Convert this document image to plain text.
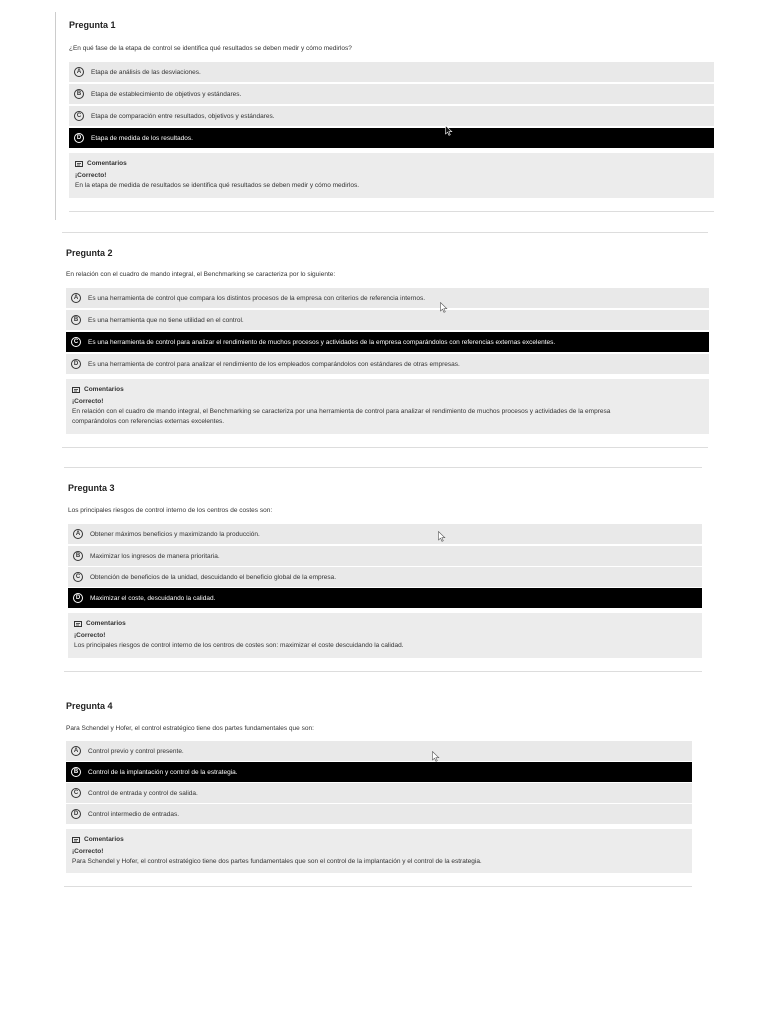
Pregunta 1
¿En qué fase de la etapa de control se identifica qué resultados se deben medir y cómo medirlos?
A	Etapa de análisis de las desviaciones.
B	Etapa de establecimiento de objetivos y estándares.
C	Etapa de comparación entre resultados, objetivos y estándares.
D	Etapa de medida de los resultados.
Comentarios
¡Correcto!
En la etapa de medida de resultados se identifica qué resultados se deben medir y cómo medirlos.
Pregunta 2
En relación con el cuadro de mando integral, el Benchmarking se caracteriza por lo siguiente:
A	Es una herramienta de control que compara los distintos procesos de la empresa con criterios de referencia internos.
B	Es una herramienta que no tiene utilidad en el control.
C	Es una herramienta de control para analizar el rendimiento de muchos procesos y actividades de la empresa comparándolos con referencias externas excelentes.
D	Es una herramienta de control para analizar el rendimiento de los empleados comparándolos con estándares de otras empresas.
Comentarios
¡Correcto!
En relación con el cuadro de mando integral, el Benchmarking se caracteriza por una herramienta de control para analizar el rendimiento de muchos procesos y actividades de la empresa
comparándolos con referencias externas excelentes.
Pregunta 3
Los principales riesgos de control interno de los centros de costes son:
A	Obtener máximos beneficios y maximizando la producción.
B	Maximizar los ingresos de manera prioritaria.
C	Obtención de beneficios de la unidad, descuidando el beneficio global de la empresa.
D	Maximizar el coste, descuidando la calidad.
Comentarios
¡Correcto!
Los principales riesgos de control interno de los centros de costes son: maximizar el coste descuidando la calidad.
Pregunta 4
Para Schendel y Hofer, el control estratégico tiene dos partes fundamentales que son:
A	Control previo y control presente.
B	Control de la implantación y control de la estrategia.
C	Control de entrada y control de salida.
D	Control intermedio de entradas.
Comentarios
¡Correcto!
Para Schendel y Hofer, el control estratégico tiene dos partes fundamentales que son el control de la implantación y el control de la estrategia.
